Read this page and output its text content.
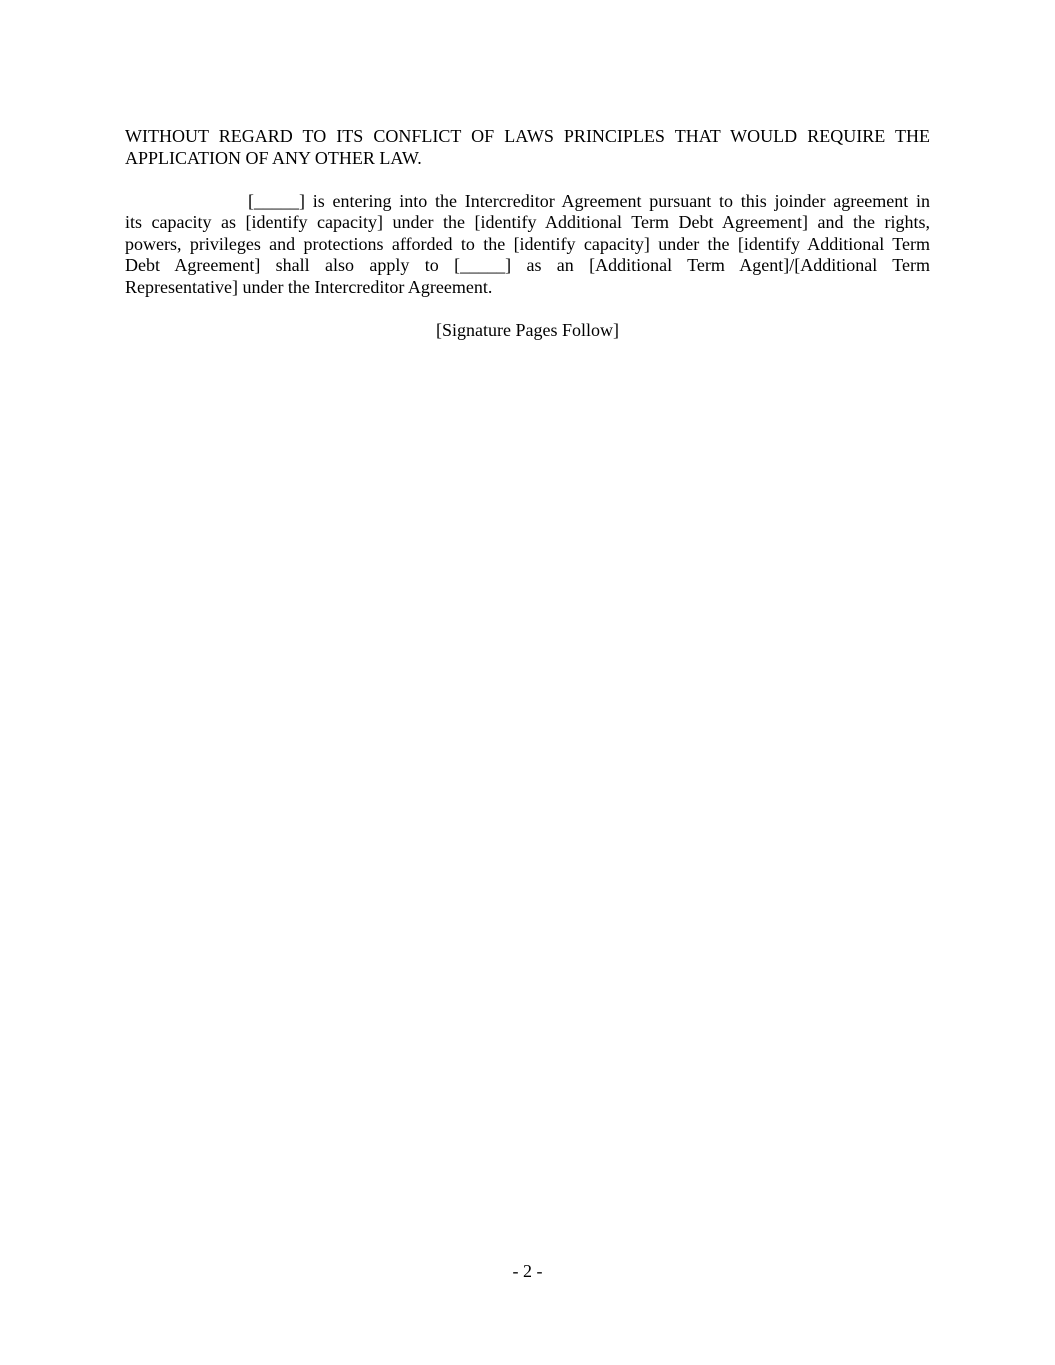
WITHOUT REGARD TO ITS CONFLICT OF LAWS PRINCIPLES THAT WOULD REQUIRE THE
APPLICATION OF ANY OTHER LAW.
[_____] is entering into the Intercreditor Agreement pursuant to this joinder agreement in
its capacity as [identify capacity] under the [identify Additional Term Debt Agreement] and the rights,
powers, privileges and protections afforded to the [identify capacity] under the [identify Additional Term
Debt Agreement] shall also apply to [_____] as an [Additional Term Agent]/[Additional Term
Representative] under the Intercreditor Agreement.
[Signature Pages Follow]
- 2 -
